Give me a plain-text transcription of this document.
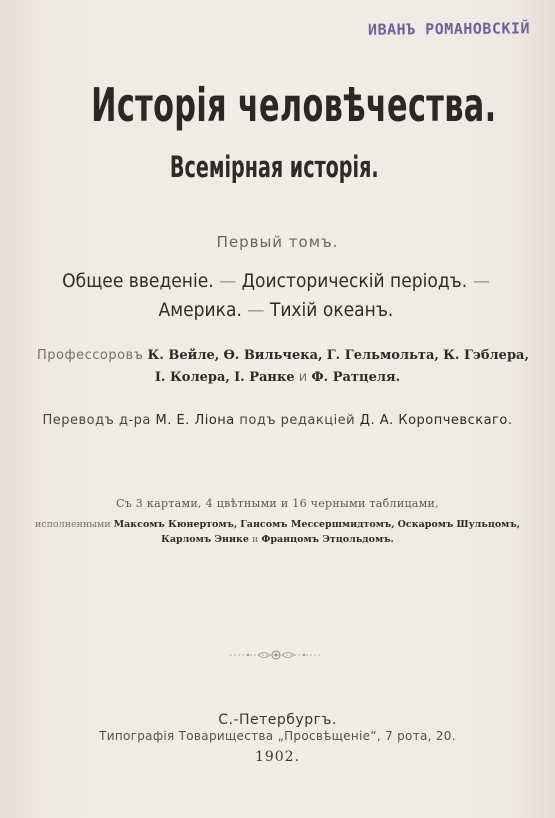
ИВАНЪ РОМАНОВСКІЙ
Исторія человѣчества.
Всемірная исторія.
Первый томъ.
Общее введеніе. — Доисторическій періодъ. —
Америка. — Тихій океанъ.
Профессоровъ К. Вейле, Ѳ. Вильчека, Г. Гельмольта, К. Гэблера,
I. Колера, I. Ранке и Ф. Ратцеля.
Переводъ д-ра М. Е. Ліона подъ редакціей Д. А. Коропчевскаго.
Съ 3 картами, 4 цвѣтными и 16 черными таблицами,
исполненными Максомъ Кюнертомъ, Гансомъ Мессершмидтомъ, Оскаромъ Шульцомъ,
Карломъ Энике и Францомъ Этцольдомъ.
С.-Петербургъ.
Типографія Товарищества „Просвѣщеніе“, 7 рота, 20.
1902.
